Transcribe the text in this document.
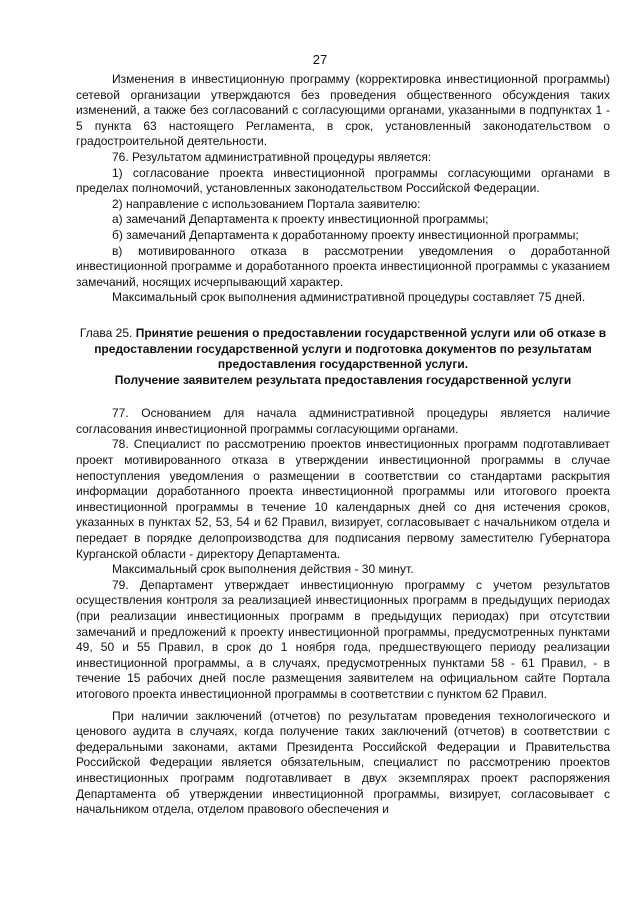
27

Изменения в инвестиционную программу (корректировка инвестиционной программы) сетевой организации утверждаются без проведения общественного обсуждения таких изменений, а также без согласований с согласующими органами, указанными в подпунктах 1 - 5 пункта 63 настоящего Регламента, в срок, установленный законодательством о градостроительной деятельности.

76. Результатом административной процедуры является:

1) согласование проекта инвестиционной программы согласующими органами в пределах полномочий, установленных законодательством Российской Федерации.

2) направление с использованием Портала заявителю:

а) замечаний Департамента к проекту инвестиционной программы;

б) замечаний Департамента к доработанному проекту инвестиционной программы;

в) мотивированного отказа в рассмотрении уведомления о доработанной инвестиционной программе и доработанного проекта инвестиционной программы с указанием замечаний, носящих исчерпывающий характер.

Максимальный срок выполнения административной процедуры составляет 75 дней.

Глава 25. Принятие решения о предоставлении государственной услуги или об отказе в предоставлении государственной услуги и подготовка документов по результатам предоставления государственной услуги.
Получение заявителем результата предоставления государственной услуги

77. Основанием для начала административной процедуры является наличие согласования инвестиционной программы согласующими органами.

78. Специалист по рассмотрению проектов инвестиционных программ подготавливает проект мотивированного отказа в утверждении инвестиционной программы в случае непоступления уведомления о размещении в соответствии со стандартами раскрытия информации доработанного проекта инвестиционной программы или итогового проекта инвестиционной программы в течение 10 календарных дней со дня истечения сроков, указанных в пунктах 52, 53, 54 и 62 Правил, визирует, согласовывает с начальником отдела и передает в порядке делопроизводства для подписания первому заместителю Губернатора Курганской области - директору Департамента.

Максимальный срок выполнения действия - 30 минут.

79. Департамент утверждает инвестиционную программу с учетом результатов осуществления контроля за реализацией инвестиционных программ в предыдущих периодах (при реализации инвестиционных программ в предыдущих периодах) при отсутствии замечаний и предложений к проекту инвестиционной программы, предусмотренных пунктами 49, 50 и 55 Правил, в срок до 1 ноября года, предшествующего периоду реализации инвестиционной программы, а в случаях, предусмотренных пунктами 58 - 61 Правил, - в течение 15 рабочих дней после размещения заявителем на официальном сайте Портала итогового проекта инвестиционной программы в соответствии с пунктом 62 Правил.

При наличии заключений (отчетов) по результатам проведения технологического и ценового аудита в случаях, когда получение таких заключений (отчетов) в соответствии с федеральными законами, актами Президента Российской Федерации и Правительства Российской Федерации является обязательным, специалист по рассмотрению проектов инвестиционных программ подготавливает в двух экземплярах проект распоряжения Департамента об утверждении инвестиционной программы, визирует, согласовывает с начальником отдела, отделом правового обеспечения и
